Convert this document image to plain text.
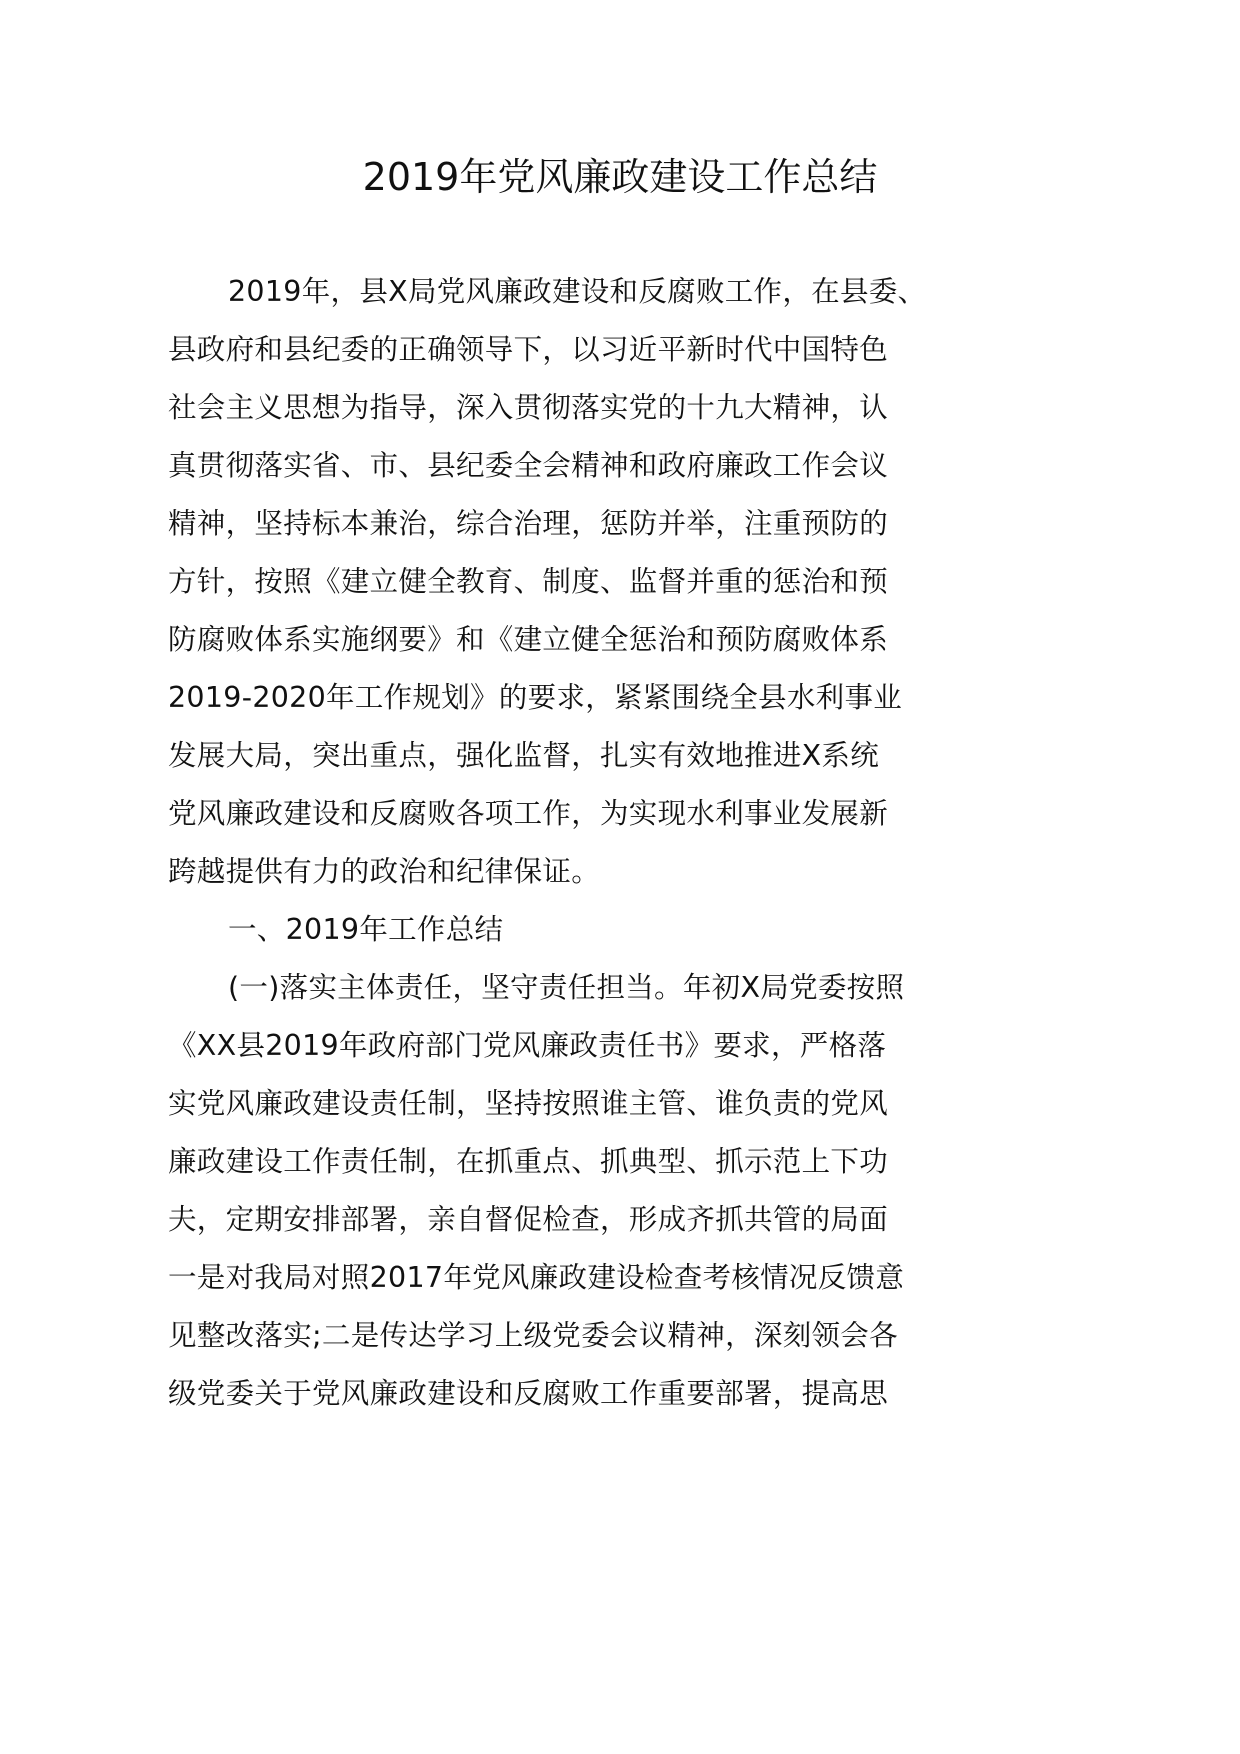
2019年党风廉政建设工作总结
2019年，县X局党风廉政建设和反腐败工作，在县委、
县政府和县纪委的正确领导下，以习近平新时代中国特色
社会主义思想为指导，深入贯彻落实党的十九大精神，认
真贯彻落实省、市、县纪委全会精神和政府廉政工作会议
精神，坚持标本兼治，综合治理，惩防并举，注重预防的
方针，按照《建立健全教育、制度、监督并重的惩治和预
防腐败体系实施纲要》和《建立健全惩治和预防腐败体系
2019-2020年工作规划》的要求，紧紧围绕全县水利事业
发展大局，突出重点，强化监督，扎实有效地推进X系统
党风廉政建设和反腐败各项工作，为实现水利事业发展新
跨越提供有力的政治和纪律保证。
一、2019年工作总结
(一)落实主体责任，坚守责任担当。年初X局党委按照
《XX县2019年政府部门党风廉政责任书》要求，严格落
实党风廉政建设责任制，坚持按照谁主管、谁负责的党风
廉政建设工作责任制，在抓重点、抓典型、抓示范上下功
夫，定期安排部署，亲自督促检查，形成齐抓共管的局面
一是对我局对照2017年党风廉政建设检查考核情况反馈意
见整改落实;二是传达学习上级党委会议精神，深刻领会各
级党委关于党风廉政建设和反腐败工作重要部署，提高思
